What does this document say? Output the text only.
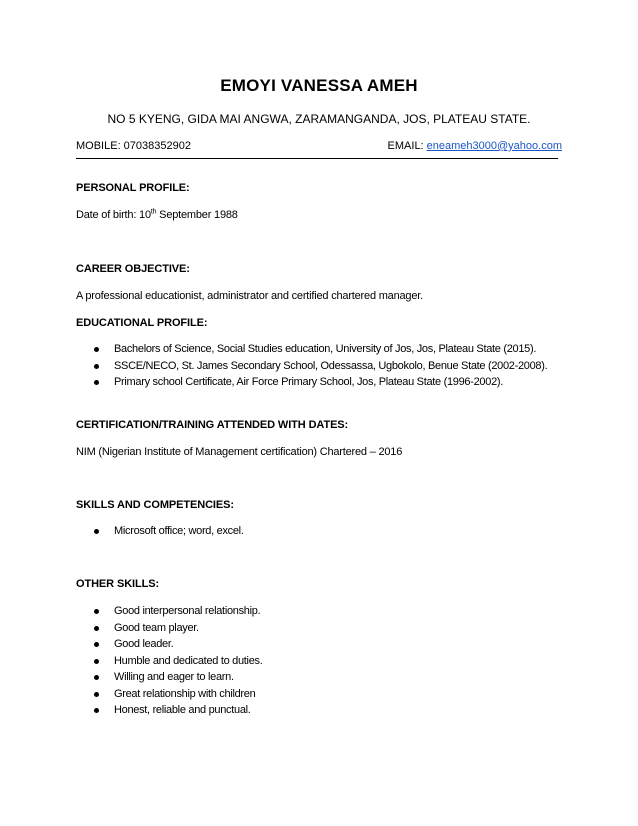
EMOYI VANESSA AMEH
NO 5 KYENG, GIDA MAI ANGWA, ZARAMANGANDA, JOS, PLATEAU STATE.
MOBILE: 07038352902	EMAIL: eneameh3000@yahoo.com
PERSONAL PROFILE:
Date of birth: 10th September 1988
CAREER OBJECTIVE:
A professional educationist, administrator and certified chartered manager.
EDUCATIONAL PROFILE:
Bachelors of Science, Social Studies education, University of Jos, Jos, Plateau State (2015).
SSCE/NECO, St. James Secondary School, Odessassa, Ugbokolo, Benue State (2002-2008).
Primary school Certificate, Air Force Primary School, Jos, Plateau State (1996-2002).
CERTIFICATION/TRAINING ATTENDED WITH DATES:
NIM (Nigerian Institute of Management certification) Chartered – 2016
SKILLS AND COMPETENCIES:
Microsoft office; word, excel.
OTHER SKILLS:
Good interpersonal relationship.
Good team player.
Good leader.
Humble and dedicated to duties.
Willing and eager to learn.
Great relationship with children
Honest, reliable and punctual.
